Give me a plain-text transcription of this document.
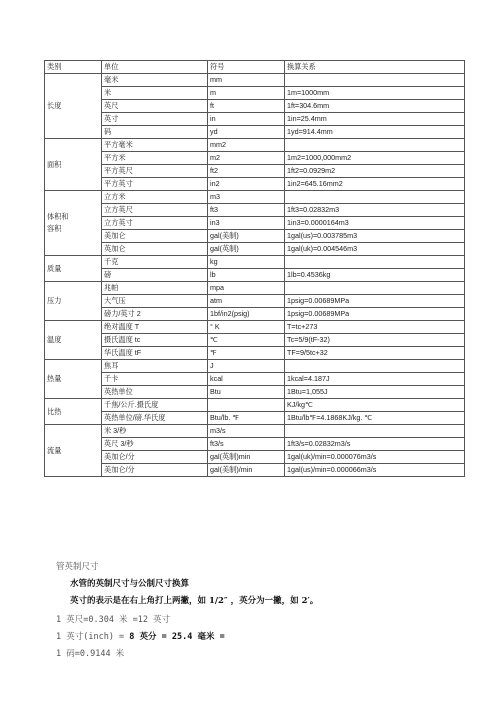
类别	单位	符号	换算关系
长度	毫米	mm	
	米	m	1m=1000mm
	英尺	ft	1ft=304.6mm
	英寸	in	1in=25.4mm
	码	yd	1yd=914.4mm
面积	平方毫米	mm2	
	平方米	m2	1m2=1000,000mm2
	平方英尺	ft2	1ft2=0.0929m2
	平方英寸	in2	1in2=645.16mm2
体积和
容积	立方米	m3	
	立方英尺	ft3	1ft3=0.02832m3
	立方英寸	in3	1in3=0.0000164m3
	美加仑	gal(美制)	1gal(us)=0.003785m3
	英加仑	gal(英制)	1gal(uk)=0.004546m3
质量	千克	kg	
	磅	lb	1lb=0.4536kg
压力	兆帕	mpa	
	大气压	atm	1psig=0.00689MPa
	磅力/英寸 2	1bf/in2(psig)	1psig=0.00689MPa
温度	绝对温度 T	° K	T=tc+273
	摄氏温度 tc	℃	Tc=5/9(tF-32)
	华氏温度 tF	℉	TF=9/5tc+32
热量	焦耳	J	
	千卡	kcal	1kcal=4.187J
	英热单位	Btu	1Btu=1,055J
比热	千焦/公斤.摄氏度		KJ/kg℃
	英热单位/磅.华氏度	Btu/lb. ℉	1Btu/lb℉=4.1868KJ/kg. ℃
流量	米 3/秒	m3/s	
	英尺 3/秒	ft3/s	1ft3/s=0.02832m3/s
	美加仑/分	gal(英制)min	1gal(uk)/min=0.000076m3/s
	美加仑/分	gal(美制)/min	1gal(us)/min=0.000066m3/s
管英制尺寸
水管的英制尺寸与公制尺寸换算
英寸的表示是在右上角打上两撇，如 1/2″ ，英分为一撇，如 2′。
1 英尺=0.304 米 =12 英寸
1 英寸(inch) = 8 英分 = 25.4 毫米 =
1 码=0.9144 米
